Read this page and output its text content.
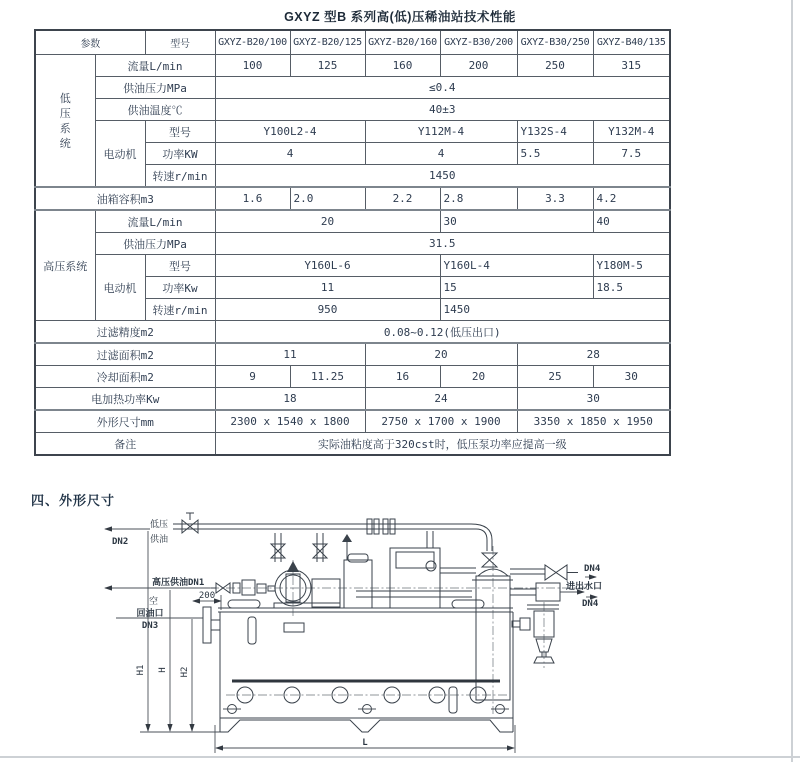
GXYZ 型B 系列高(低)压稀油站技术性能
参数		型号	GXYZ-B20/100	GXYZ-B20/125	GXYZ-B20/160	GXYZ-B30/200	GXYZ-B30/250	GXYZ-B40/135
低
压
系
统	流量L/min		100	125	160	200	250	315
	供油压力MPa		≤0.4					
	供油温度℃		40±3					
	电动机	型号	Y100L2-4		Y112M-4		Y132S-4	Y132M-4
		功率KW	4		4		5.5	7.5
		转速r/min	1450					
油箱容积m3			1.6	2.0	2.2	2.8	3.3	4.2
高压系统	流量L/min		20			30		40
	供油压力MPa		31.5					
	电动机	型号	Y160L-6			Y160L-4		Y180M-5
		功率Kw	11			15		18.5
		转速r/min	950			1450		
过滤精度m2			0.08~0.12(低压出口)					
过滤面积m2			11		20		28	
冷却面积m2			9	11.25	16	20	25	30
电加热功率Kw			18		24		30	
外形尺寸mm			2300 x 1540 x 1800		2750 x 1700 x 1900		3350 x 1850 x 1950	
备注			实际油粘度高于320cst时，低压泵功率应提高一级					
四、外形尺寸
低压
供油
DN2
高压供油DN1
空
200
回油口
DN3
H1 H H2
DN4
进出水口
DN4
L
